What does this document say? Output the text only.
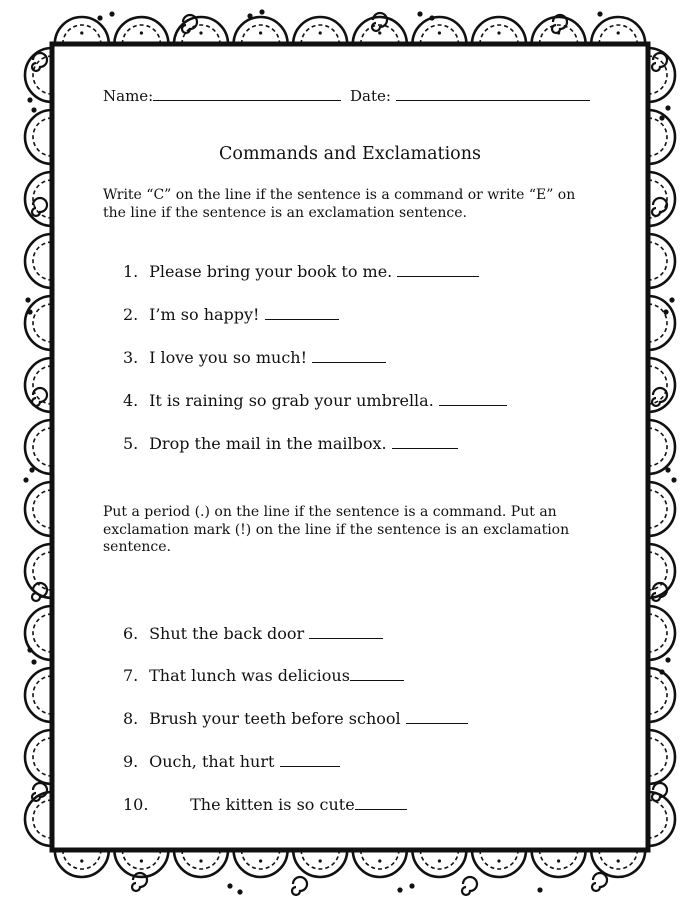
Name:	Date:
Commands and Exclamations
Write “C” on the line if the sentence is a command or write “E” on the line if the sentence is an exclamation sentence.
1. Please bring your book to me.
2. I’m so happy!
3. I love you so much!
4. It is raining so grab your umbrella.
5. Drop the mail in the mailbox.
Put a period (.) on the line if the sentence is a command. Put an exclamation mark (!) on the line if the sentence is an exclamation sentence.
6. Shut the back door
7. That lunch was delicious
8. Brush your teeth before school
9. Ouch, that hurt
10.	The kitten is so cute
